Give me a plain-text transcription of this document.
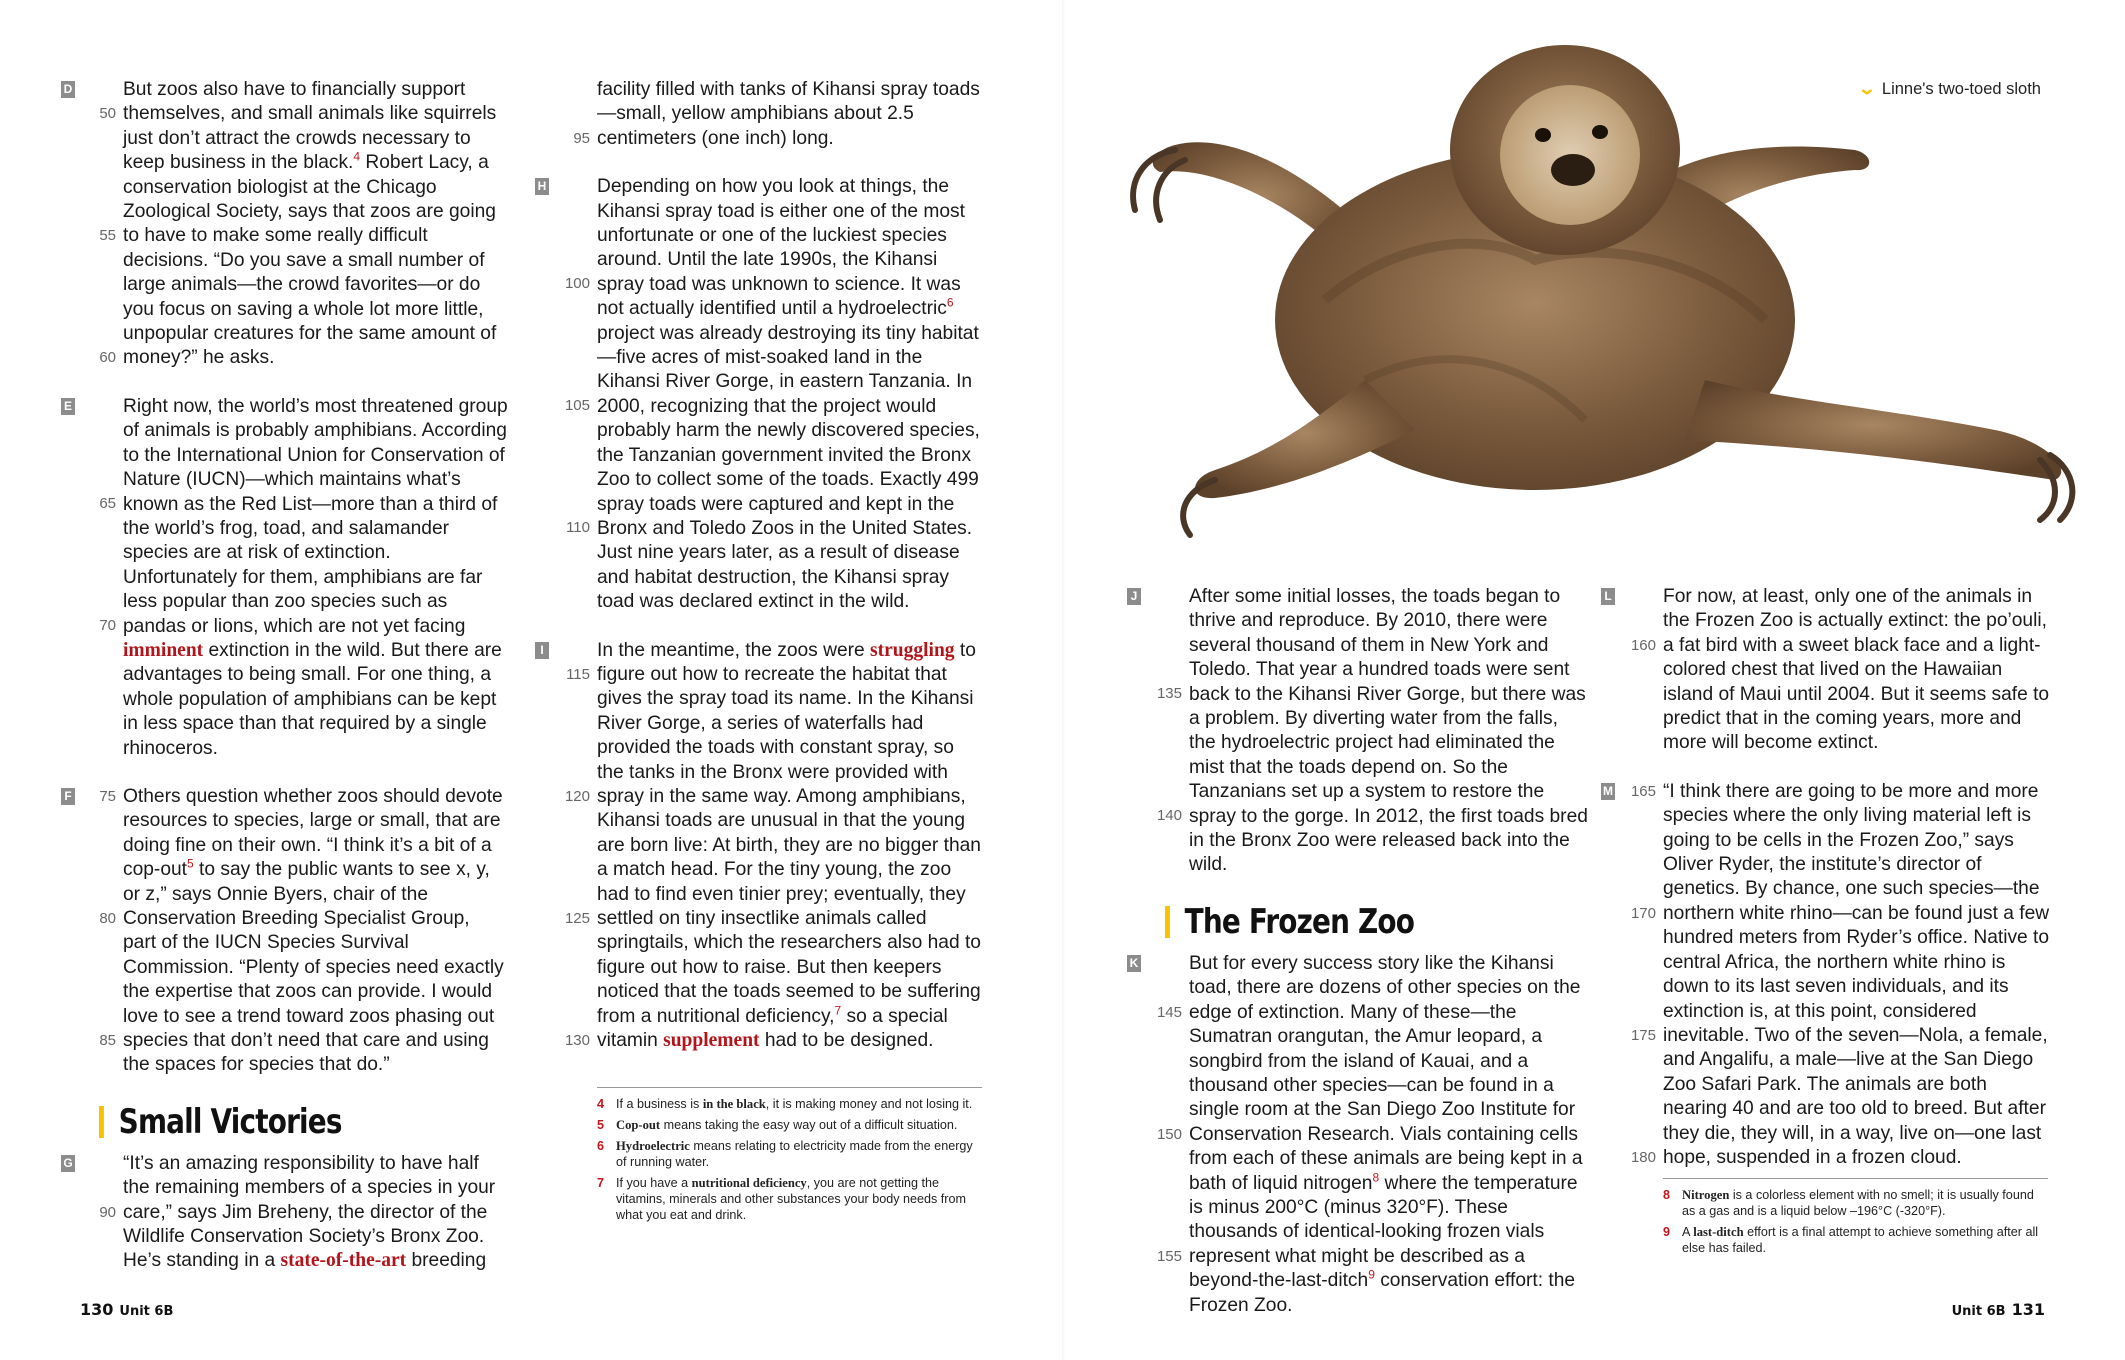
D
50
55
60

But zoos also have to financially support themselves, and small animals like squirrels just don’t attract the crowds necessary to keep business in the black.$^4$ Robert Lacy, a conservation biologist at the Chicago Zoological Society, says that zoos are going to have to make some really difficult decisions. “Do you save a small number of large animals—the crowd favorites—or do you focus on saving a whole lot more little, unpopular creatures for the same amount of money?” he asks.

E
65
70

Right now, the world’s most threatened group of animals is probably amphibians. According to the International Union for Conservation of Nature (IUCN)—which maintains what’s known as the Red List—more than a third of the world’s frog, toad, and salamander species are at risk of extinction. Unfortunately for them, amphibians are far less popular than zoo species such as pandas or lions, which are not yet facing imminent extinction in the wild. But there are advantages to being small. For one thing, a whole population of amphibians can be kept in less space than that required by a single rhinoceros.

F	75
80
85

Others question whether zoos should devote resources to species, large or small, that are doing fine on their own. “I think it’s a bit of a cop-out$^5$ to say the public wants to see x, y, or z,” says Onnie Byers, chair of the Conservation Breeding Specialist Group, part of the IUCN Species Survival Commission. “Plenty of species need exactly the expertise that zoos can provide. I would love to see a trend toward zoos phasing out species that don’t need that care and using the spaces for species that do.”

Small Victories
G
90

“It’s an amazing responsibility to have half the remaining members of a species in your care,” says Jim Breheny, the director of the Wildlife Conservation Society’s Bronx Zoo. He’s standing in a state-of-the-art breeding

95

facility filled with tanks of Kihansi spray toads—small, yellow amphibians about 2.5 centimeters (one inch) long.

H
100
105
110

Depending on how you look at things, the Kihansi spray toad is either one of the most unfortunate or one of the luckiest species around. Until the late 1990s, the Kihansi spray toad was unknown to science. It was not actually identified until a hydroelectric$^6$ project was already destroying its tiny habitat—five acres of mist-soaked land in the Kihansi River Gorge, in eastern Tanzania. In 2000, recognizing that the project would probably harm the newly discovered species, the Tanzanian government invited the Bronx Zoo to collect some of the toads. Exactly 499 spray toads were captured and kept in the Bronx and Toledo Zoos in the United States. Just nine years later, as a result of disease and habitat destruction, the Kihansi spray toad was declared extinct in the wild.

I
115
120
125
130

In the meantime, the zoos were struggling to figure out how to recreate the habitat that gives the spray toad its name. In the Kihansi River Gorge, a series of waterfalls had provided the toads with constant spray, so the tanks in the Bronx were provided with spray in the same way. Among amphibians, Kihansi toads are unusual in that the young are born live: At birth, they are no bigger than a match head. For the tiny young, the zoo had to find even tinier prey; eventually, they settled on tiny insectlike animals called springtails, which the researchers also had to figure out how to raise. But then keepers noticed that the toads seemed to be suffering from a nutritional deficiency,$^7$ so a special vitamin supplement had to be designed.

4 If a business is in the black, it is making money and not losing it.
5 Cop-out means taking the easy way out of a difficult situation.
6 Hydroelectric means relating to electricity made from the energy of running water.
7 If you have a nutritional deficiency, you are not getting the vitamins, minerals and other substances your body needs from what you eat and drink.
⌄ Linne's two-toed sloth
J
135
140

After some initial losses, the toads began to thrive and reproduce. By 2010, there were several thousand of them in New York and Toledo. That year a hundred toads were sent back to the Kihansi River Gorge, but there was a problem. By diverting water from the falls, the hydroelectric project had eliminated the mist that the toads depend on. So the Tanzanians set up a system to restore the spray to the gorge. In 2012, the first toads bred in the Bronx Zoo were released back into the wild.

The Frozen Zoo
K
145
150
155

But for every success story like the Kihansi toad, there are dozens of other species on the edge of extinction. Many of these—the Sumatran orangutan, the Amur leopard, a songbird from the island of Kauai, and a thousand other species—can be found in a single room at the San Diego Zoo Institute for Conservation Research. Vials containing cells from each of these animals are being kept in a bath of liquid nitrogen$^8$ where the temperature is minus 200°C (minus 320°F). These thousands of identical-looking frozen vials represent what might be described as a beyond-the-last-ditch$^9$ conservation effort: the Frozen Zoo.

L
160

For now, at least, only one of the animals in the Frozen Zoo is actually extinct: the po’ouli, a fat bird with a sweet black face and a light-colored chest that lived on the Hawaiian island of Maui until 2004. But it seems safe to predict that in the coming years, more and more will become extinct.

M	165
170
175
180

“I think there are going to be more and more species where the only living material left is going to be cells in the Frozen Zoo,” says Oliver Ryder, the institute’s director of genetics. By chance, one such species—the northern white rhino—can be found just a few hundred meters from Ryder’s office. Native to central Africa, the northern white rhino is down to its last seven individuals, and its extinction is, at this point, considered inevitable. Two of the seven—Nola, a female, and Angalifu, a male—live at the San Diego Zoo Safari Park. The animals are both nearing 40 and are too old to breed. But after they die, they will, in a way, live on—one last hope, suspended in a frozen cloud.

8 Nitrogen is a colorless element with no smell; it is usually found as a gas and is a liquid below –196°C (-320°F).
9 A last-ditch effort is a final attempt to achieve something after all else has failed.
130 Unit 6B	Unit 6B 131
